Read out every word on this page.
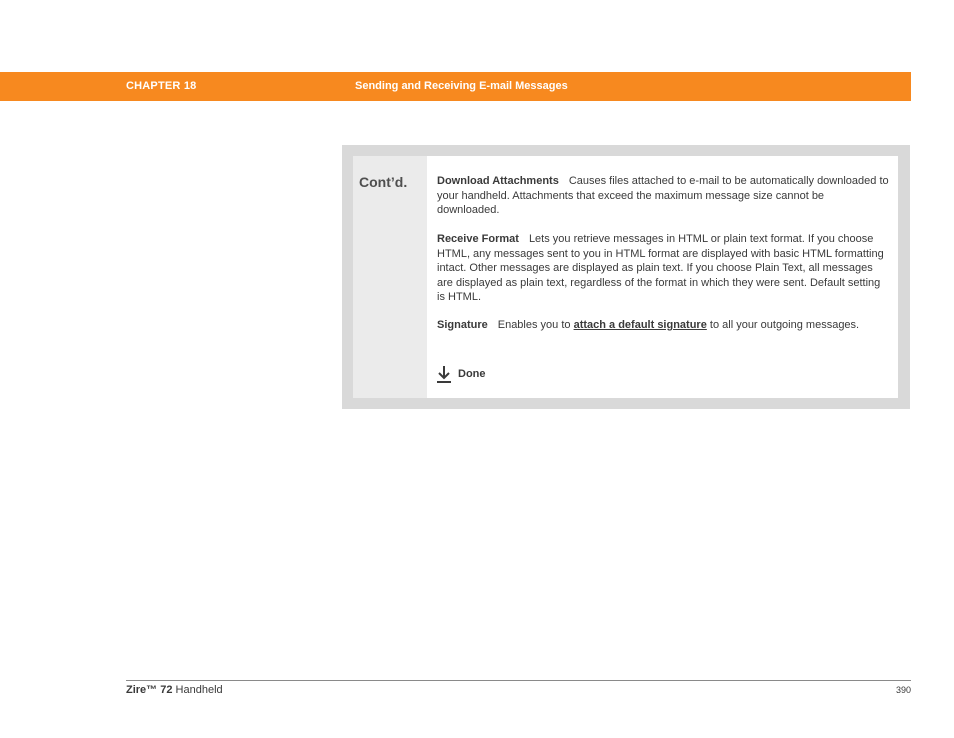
CHAPTER 18	Sending and Receiving E-mail Messages
Cont’d.	Download Attachments Causes files attached to e-mail to be automatically downloaded to your handheld. Attachments that exceed the maximum message size cannot be downloaded.

Receive Format Lets you retrieve messages in HTML or plain text format. If you choose HTML, any messages sent to you in HTML format are displayed with basic HTML formatting intact. Other messages are displayed as plain text. If you choose Plain Text, all messages are displayed as plain text, regardless of the format in which they were sent. Default setting is HTML.

Signature Enables you to attach a default signature to all your outgoing messages.

Done
Zire™ 72 Handheld	390
